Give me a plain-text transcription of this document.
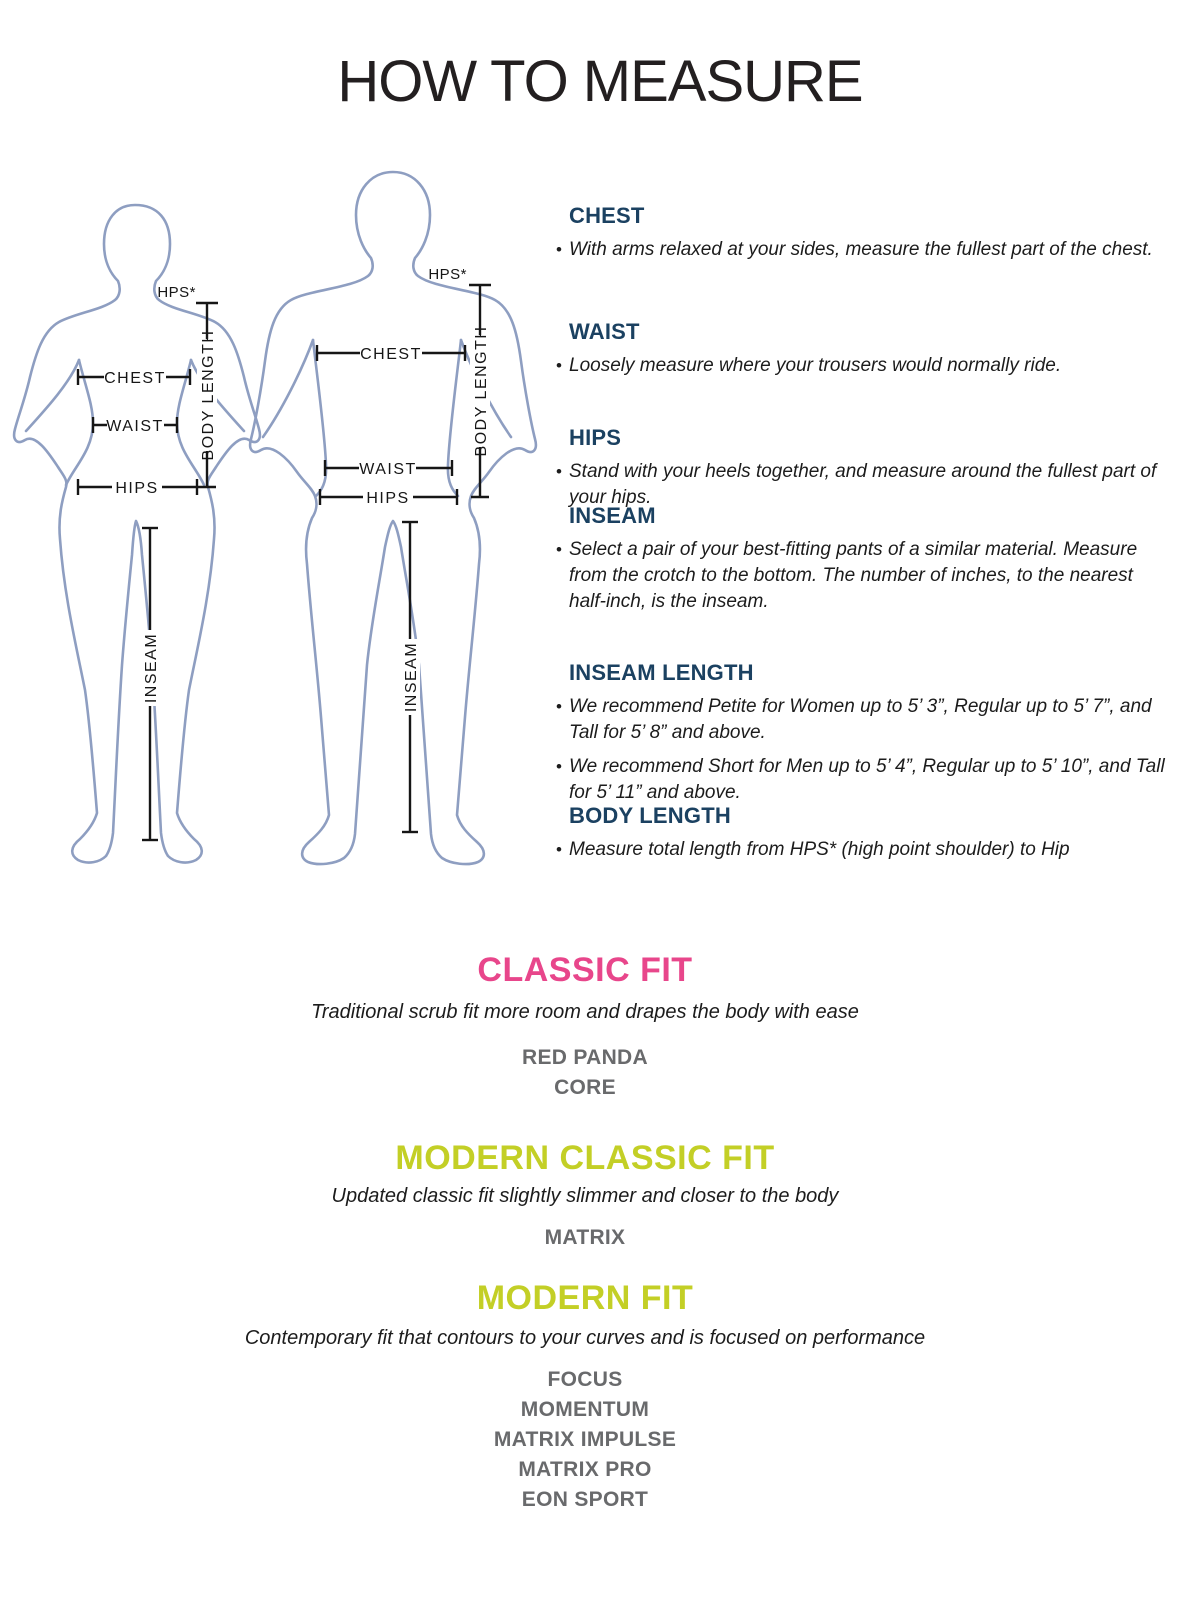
HOW TO MEASURE
CHEST
WAIST
HIPS
HPS*
BODY LENGTH
INSEAM
CHEST
WAIST
HIPS
HPS*
BODY LENGTH
INSEAM
CHEST
• With arms relaxed at your sides, measure the fullest part of the chest.
WAIST
• Loosely measure where your trousers would normally ride.
HIPS
• Stand with your heels together, and measure around the fullest part of your hips.
INSEAM
• Select a pair of your best-fitting pants of a similar material. Measure from the crotch to the bottom. The number of inches, to the nearest half-inch, is the inseam.
INSEAM LENGTH
• We recommend Petite for Women up to 5’ 3”, Regular up to 5’ 7”, and Tall for 5’ 8” and above.
• We recommend Short for Men up to 5’ 4”, Regular up to 5’ 10”, and Tall for 5’ 11” and above.
BODY LENGTH
• Measure total length from HPS* (high point shoulder) to Hip
CLASSIC FIT
Traditional scrub fit more room and drapes the body with ease
RED PANDA
CORE
MODERN CLASSIC FIT
Updated classic fit slightly slimmer and closer to the body
MATRIX
MODERN FIT
Contemporary fit that contours to your curves and is focused on performance
FOCUS
MOMENTUM
MATRIX IMPULSE
MATRIX PRO
EON SPORT
